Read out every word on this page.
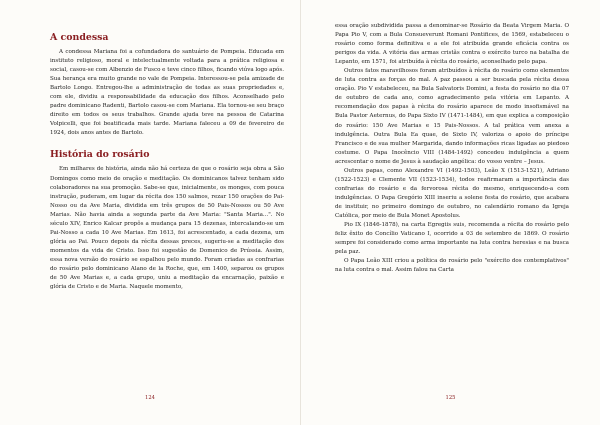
A condessa

A condessa Mariana foi a cofundadora do santuário de Pompeia. Educada em instituto religioso, moral e intelectualmente voltada para a prática religiosa e social, casou-se com Albenzio de Fusco e teve cinco filhos, ficando viúva logo após. Sua herança era muito grande no vale de Pompeia. Interessou-se pela amizade de Bartolo Longo. Entregou-lhe a administração de todas as suas propriedades e, com ele, dividiu a responsabilidade da educação dos filhos. Aconselhado pelo padre dominicano Radenti, Bartolo casou-se com Mariana. Ela tornou-se seu braço direito em todos os seus trabalhos. Grande ajuda teve na pessoa de Catarina Volpicelli, que foi beatificada mais tarde. Mariana faleceu a 09 de fevereiro de 1924, dois anos antes de Bartolo.

História do rosário

Em milhares de história, ainda não há certeza de que o rosário seja obra a São Domingos como meio de oração e meditação. Os dominicanos talvez tenham sido colaboradores na sua promoção. Sabe-se que, inicialmente, os monges, com pouca instrução, puderam, em lugar da récita dos 150 salmos, rezar 150 orações do Pai-Nosso ou da Ave Maria, dividida em três grupos de 50 Pais-Nossos ou 50 Ave Marias. Não havia ainda a segunda parte da Ave Maria: "Santa Maria...". No século XIV, Enrico Kalcar propôs a mudança para 15 dezenas, intercalando-se um Pai-Nosso a cada 10 Ave Marias. Em 1613, foi acrescentado, a cada dezena, um glória ao Pai. Pouco depois da récita dessas preces, sugeriu-se a meditação dos momentos da vida de Cristo. Isso foi sugestão de Domenico de Prússia. Assim, essa nova versão do rosário se espalhou pelo mundo. Foram criadas as confrarias do rosário pelo dominicano Alano de la Roche, que, em 1400, separou os grupos de 50 Ave Marias e, a cada grupo, uniu a meditação da encarnação, paixão e glória de Cristo e de Maria. Naquele momento,

124

essa oração subdividida passa a denominar-se Rosário da Beata Virgem Maria. O Papa Pio V, com a Bula Consueverunt Romani Pontifices, de 1569, estabeleceu o rosário como forma definitiva e a ele foi atribuída grande eficácia contra os perigos da vida. A vitória das armas cristãs contra o exército turco na batalha de Lepanto, em 1571, foi atribuída à récita do rosário, aconselhado pelo papa.

Outros fatos maravilhosos foram atribuídos à récita do rosário como elementos de luta contra as forças do mal. A paz passou a ser buscada pela récita dessa oração. Pio V estabeleceu, na Bula Salvatoris Domini, a festa do rosário no dia 07 de outubro de cada ano, como agradecimento pela vitória em Lepanto. A recomendação dos papas à récita do rosário aparece de modo insofismável na Bula Pastor Aeternus, do Papa Sixto IV (1471-1484), em que explica a composição do rosário: 150 Ave Marias e 15 Pais-Nossos. A tal prática vem anexa a indulgência. Outra Bula Ea quae, de Sixto IV, valoriza o apoio do príncipe Francisco e de sua mulher Margarida, dando informações ricas ligadas ao piedoso costume. O Papa Inocêncio VIII (1484-1492) concedeu indulgência a quem acrescentar o nome de Jesus à saudação angélica: do vosso ventre – Jesus.

Outros papas, como Alexandre VI (1492-1503), Leão X (1513-1521), Adriano (1522-1523) e Clemente VII (1523-1534), todos reafirmaram a importância das confrarias do rosário e da fervorosa récita do mesmo, enriquecendo-a com indulgências. O Papa Gregório XIII inseriu a solene festa do rosário, que acabara de instituir, no primeiro domingo de outubro, no calendário romano da Igreja Católica, por meio de Bula Monet Apostolus.

Pio IX (1846-1878), na carta Egregiis suis, recomenda a récita do rosário pelo feliz êxito do Concílio Vaticano I, ocorrido a 03 de setembro de 1869. O rosário sempre foi considerado como arma importante na luta contra heresias e na busca pela paz.

O Papa Leão XIII criou a política do rosário pelo "exército dos contemplativos" na luta contra o mal. Assim falou na Carta

125
